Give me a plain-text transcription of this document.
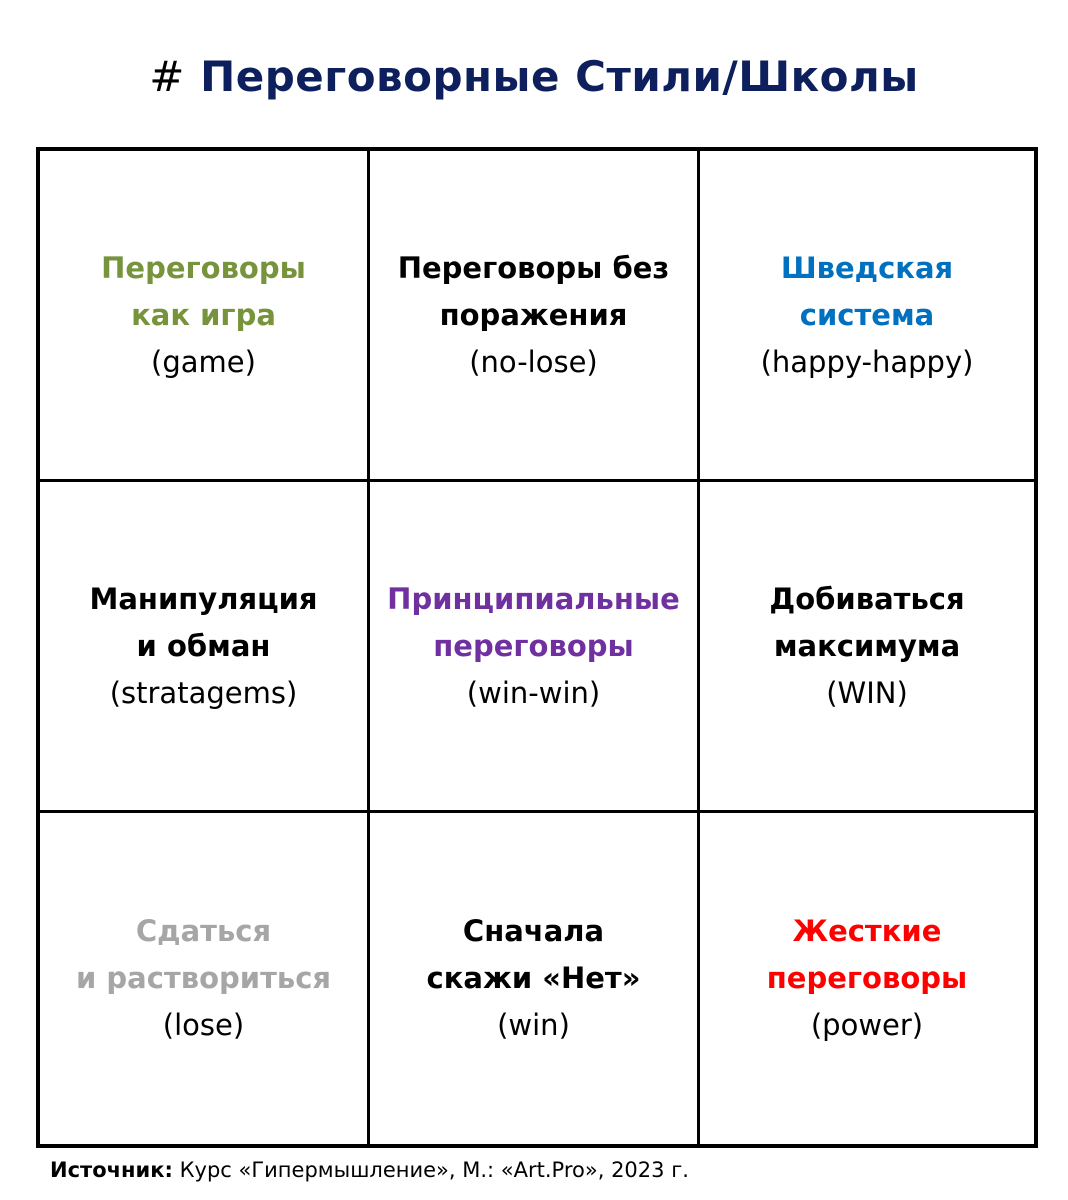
# Переговорные Стили/Школы
Переговоры
как игра
(game)
Переговоры без
поражения
(no-lose)
Шведская
система
(happy-happy)
Манипуляция
и обман
(stratagems)
Принципиальные
переговоры
(win-win)
Добиваться
максимума
(WIN)
Сдаться
и раствориться
(lose)
Сначала
скажи «Нет»
(win)
Жесткие
переговоры
(power)
Источник: Курс «Гипермышление», М.: «Art.Pro», 2023 г.
